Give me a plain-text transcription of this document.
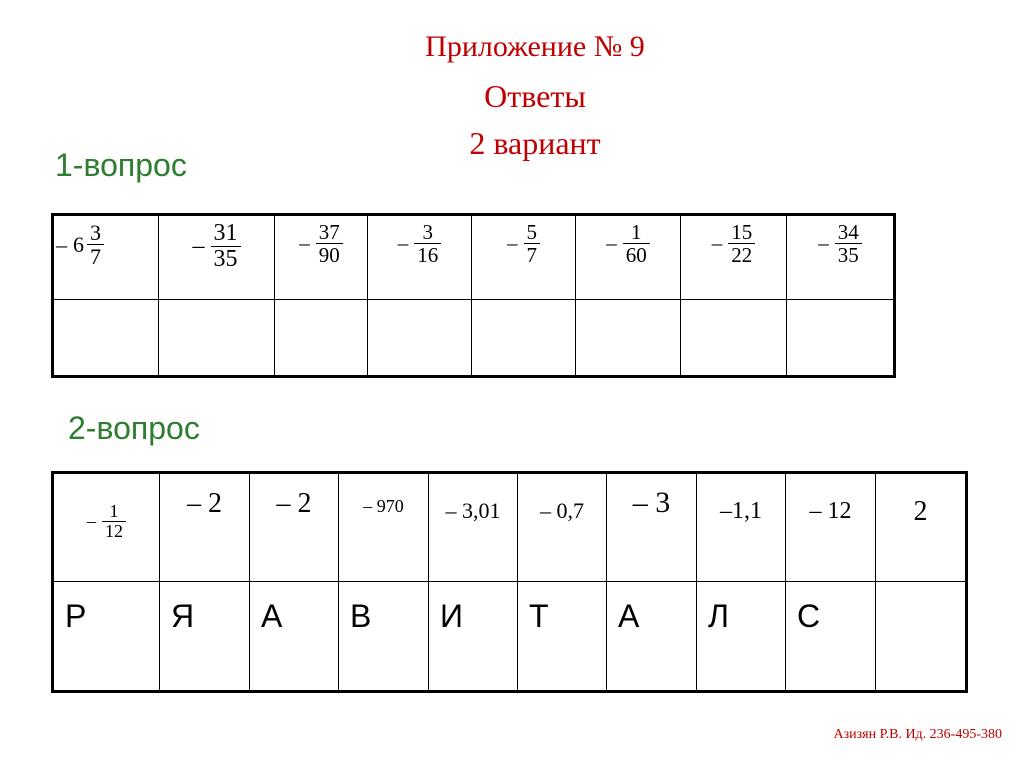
Приложение № 9
Ответы
2 вариант
1-вопрос
– $6 \frac{3}{7}$	– $\frac{31}{35}$	– $\frac{37}{90}$	– $\frac{3}{16}$	– $\frac{5}{7}$	– $\frac{1}{60}$	– $\frac{15}{22}$	– $\frac{34}{35}$

2-вопрос
– $\frac{1}{12}$	– 2	– 2	– 970	– 3,01	– 0,7	– 3	–1,1	– 12	2

Р	Я	А	В	И	Т	А	Л	С	

Азизян Р.В. Ид. 236-495-380
